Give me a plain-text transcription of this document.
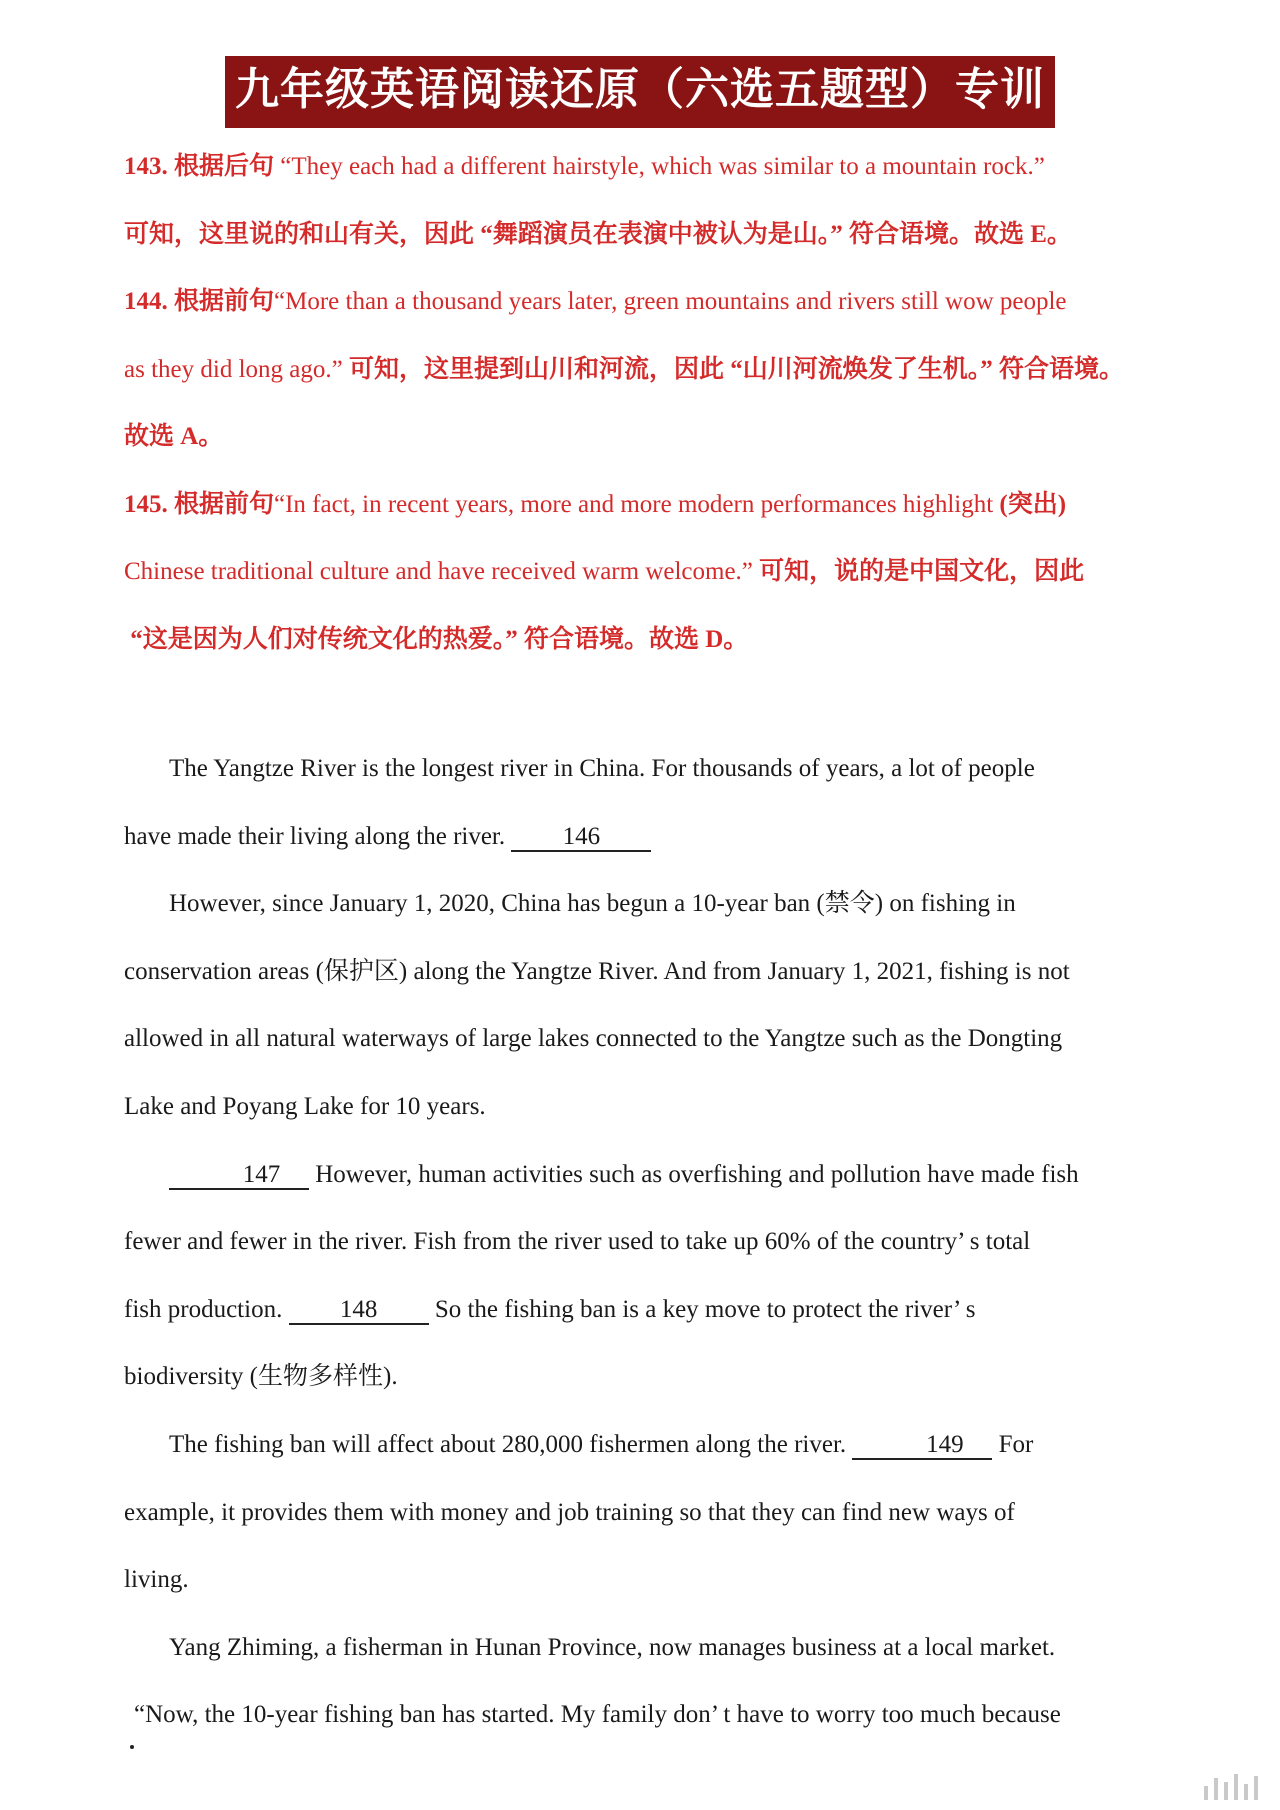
九年级英语阅读还原（六选五题型）专训

143. 根据后句 “They each had a different hairstyle, which was similar to a mountain rock.”

可知，这里说的和山有关，因此 “舞蹈演员在表演中被认为是山。” 符合语境。故选 E。

144. 根据前句“More than a thousand years later, green mountains and rivers still wow people

as they did long ago.” 可知，这里提到山川和河流，因此 “山川河流焕发了生机。” 符合语境。

故选 A。

145. 根据前句“In fact, in recent years, more and more modern performances highlight (突出)

Chinese traditional culture and have received warm welcome.” 可知，说的是中国文化，因此

“这是因为人们对传统文化的热爱。” 符合语境。故选 D。

The Yangtze River is the longest river in China. For thousands of years, a lot of people

have made their living along the river. 146

However, since January 1, 2020, China has begun a 10-year ban (禁令) on fishing in

conservation areas (保护区) along the Yangtze River. And from January 1, 2021, fishing is not

allowed in all natural waterways of large lakes connected to the Yangtze such as the Dongting

Lake and Poyang Lake for 10 years.

147 However, human activities such as overfishing and pollution have made fish

fewer and fewer in the river. Fish from the river used to take up 60% of the country’ s total

fish production. 148 So the fishing ban is a key move to protect the river’ s

biodiversity (生物多样性).

The fishing ban will affect about 280,000 fishermen along the river.	149 For

example, it provides them with money and job training so that they can find new ways of

living.

Yang Zhiming, a fisherman in Hunan Province, now manages business at a local market.

“Now, the 10-year fishing ban has started. My family don’ t have to worry too much because
